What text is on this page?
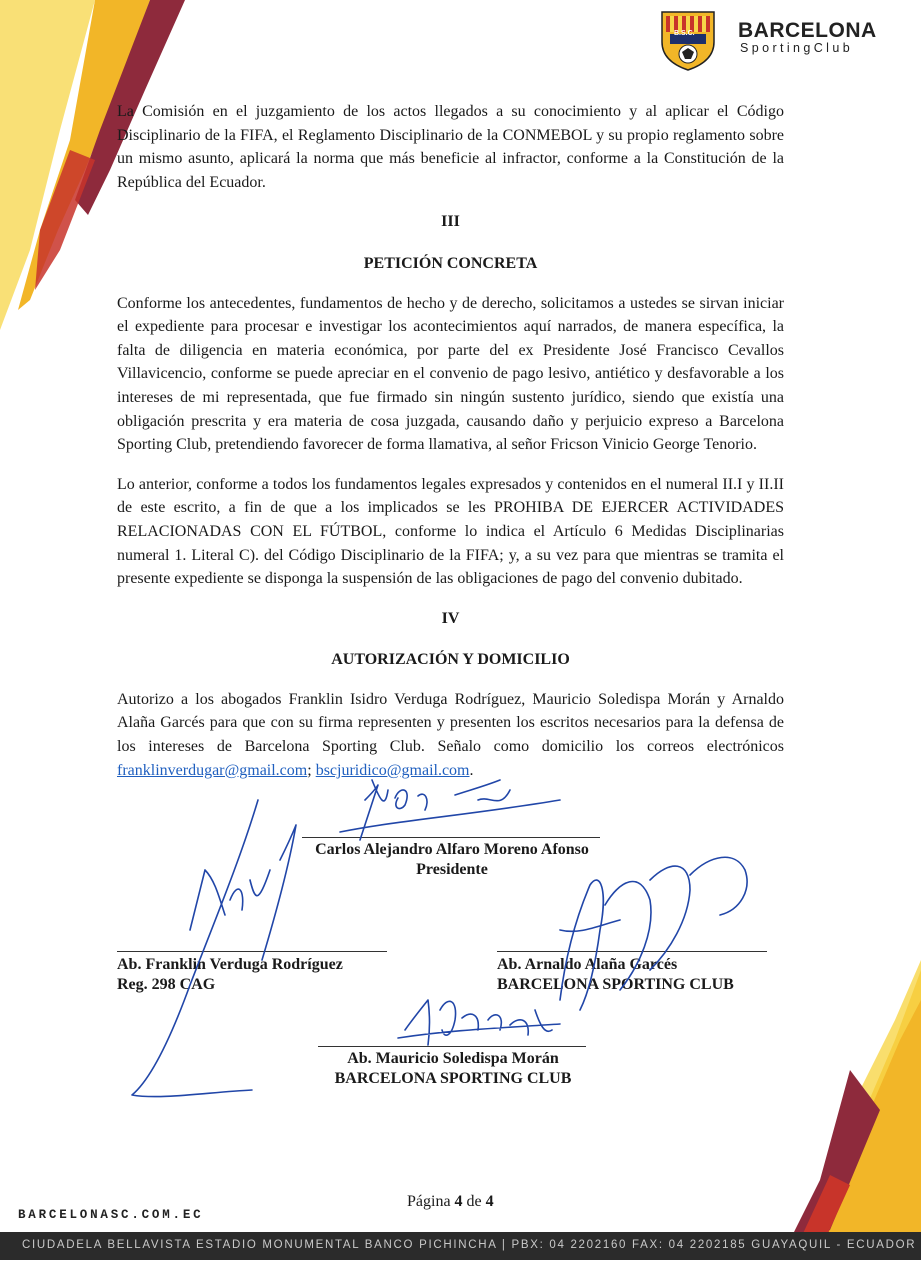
B.S.C. BARCELONA
SportingClub

La Comisión en el juzgamiento de los actos llegados a su conocimiento y al aplicar el Código Disciplinario de la FIFA, el Reglamento Disciplinario de la CONMEBOL y su propio reglamento sobre un mismo asunto, aplicará la norma que más beneficie al infractor, conforme a la Constitución de la República del Ecuador.

III
PETICIÓN CONCRETA

Conforme los antecedentes, fundamentos de hecho y de derecho, solicitamos a ustedes se sirvan iniciar el expediente para procesar e investigar los acontecimientos aquí narrados, de manera específica, la falta de diligencia en materia económica, por parte del ex Presidente José Francisco Cevallos Villavicencio, conforme se puede apreciar en el convenio de pago lesivo, antiético y desfavorable a los intereses de mi representada, que fue firmado sin ningún sustento jurídico, siendo que existía una obligación prescrita y era materia de cosa juzgada, causando daño y perjuicio expreso a Barcelona Sporting Club, pretendiendo favorecer de forma llamativa, al señor Fricson Vinicio George Tenorio.

Lo anterior, conforme a todos los fundamentos legales expresados y contenidos en el numeral II.I y II.II de este escrito, a fin de que a los implicados se les PROHIBA DE EJERCER ACTIVIDADES RELACIONADAS CON EL FÚTBOL, conforme lo indica el Artículo 6 Medidas Disciplinarias numeral 1. Literal C). del Código Disciplinario de la FIFA; y, a su vez para que mientras se tramita el presente expediente se disponga la suspensión de las obligaciones de pago del convenio dubitado.

IV
AUTORIZACIÓN Y DOMICILIO

Autorizo a los abogados Franklin Isidro Verduga Rodríguez, Mauricio Soledispa Morán y Arnaldo Alaña Garcés para que con su firma representen y presenten los escritos necesarios para la defensa de los intereses de Barcelona Sporting Club. Señalo como domicilio los correos electrónicos franklinverdugar@gmail.com; bscjuridico@gmail.com.

Carlos Alejandro Alfaro Moreno Afonso
Presidente
Ab. Franklin Verduga Rodríguez
Reg. 298 CAG
Ab. Arnaldo Alaña Garcés
BARCELONA SPORTING CLUB
Ab. Mauricio Soledispa Morán
BARCELONA SPORTING CLUB
Página 4 de 4
BARCELONASC.COM.EC
CIUDADELA BELLAVISTA ESTADIO MONUMENTAL BANCO PICHINCHA | PBX: 04 2202160 FAX: 04 2202185 GUAYAQUIL - ECUADOR
